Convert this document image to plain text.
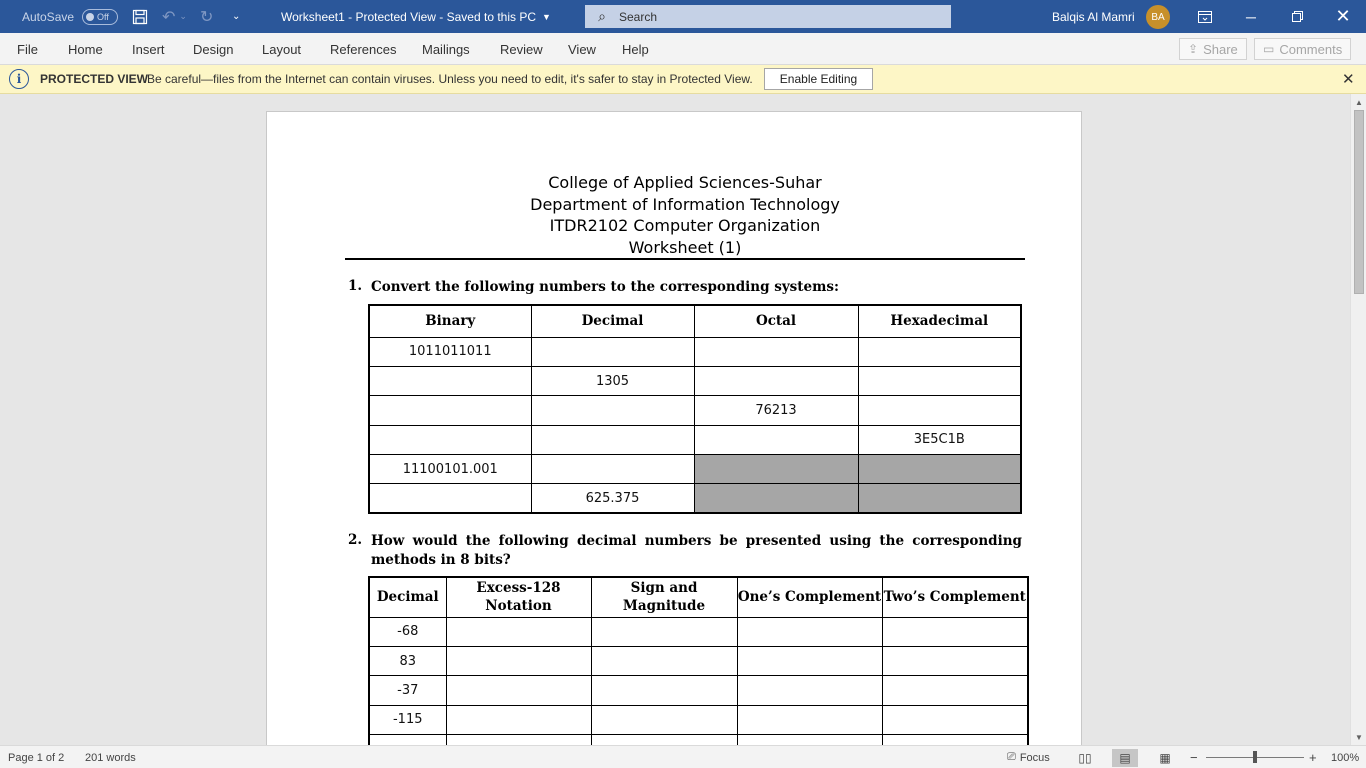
AutoSave	Off	↶ ⌄ ↻ ⌄	Worksheet1 - Protected View - Saved to this PC ▼	⌕
Search	Balqis Al Mamri	BA	─	✕
File Home Insert Design Layout References Mailings Review View Help	⇪ Share ▭ Comments
i	PROTECTED VIEW
Be careful—files from the Internet can contain viruses. Unless you need to edit, it's safer to stay in Protected View.	Enable Editing	✕
College of Applied Sciences-Suhar
Department of Information Technology
ITDR2102 Computer Organization
Worksheet (1)
1. Convert the following numbers to the corresponding systems:
Binary	Decimal	Octal	Hexadecimal
1011011011			
	1305		
		76213	
			3E5C1B
11100101.001			
	625.375		
2. How would the following decimal numbers be presented using the corresponding methods in 8 bits?
Decimal	Excess-128 Notation	Sign and Magnitude	One’s Complement	Two’s Complement
-68				
83				
-37				
-115				

▲
▼
Page 1 of 2 201 words	⎚ Focus	▯▯	▤	▦	−	+ 100%
